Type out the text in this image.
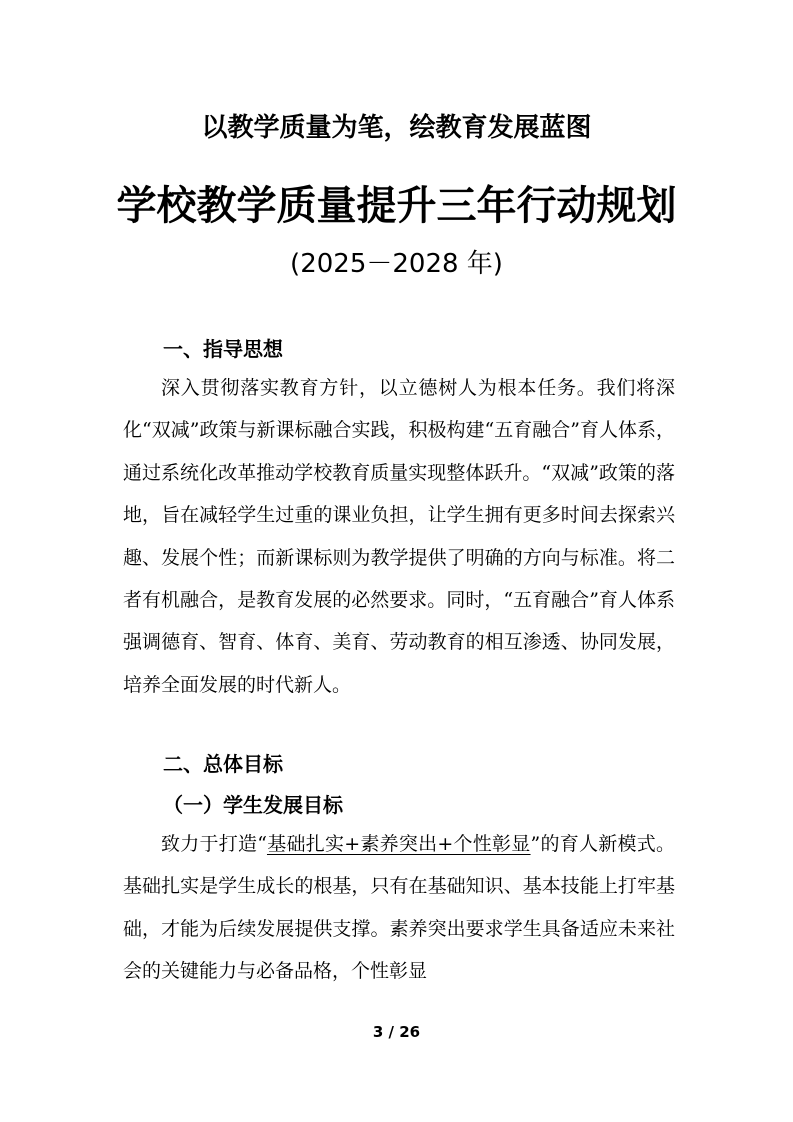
以教学质量为笔，绘教育发展蓝图
学校教学质量提升三年行动规划
(2025－2028 年)
一、指导思想
深入贯彻落实教育方针，以立德树人为根本任务。我们将深化“双减”政策与新课标融合实践，积极构建“五育融合”育人体系，通过系统化改革推动学校教育质量实现整体跃升。“双减”政策的落地，旨在减轻学生过重的课业负担，让学生拥有更多时间去探索兴趣、发展个性；而新课标则为教学提供了明确的方向与标准。将二者有机融合，是教育发展的必然要求。同时，“五育融合”育人体系强调德育、智育、体育、美育、劳动教育的相互渗透、协同发展，培养全面发展的时代新人。
二、总体目标
（一）学生发展目标
致力于打造“基础扎实+素养突出+个性彰显”的育人新模式。基础扎实是学生成长的根基，只有在基础知识、基本技能上打牢基础，才能为后续发展提供支撑。素养突出要求学生具备适应未来社会的关键能力与必备品格，个性彰显
3 / 26
